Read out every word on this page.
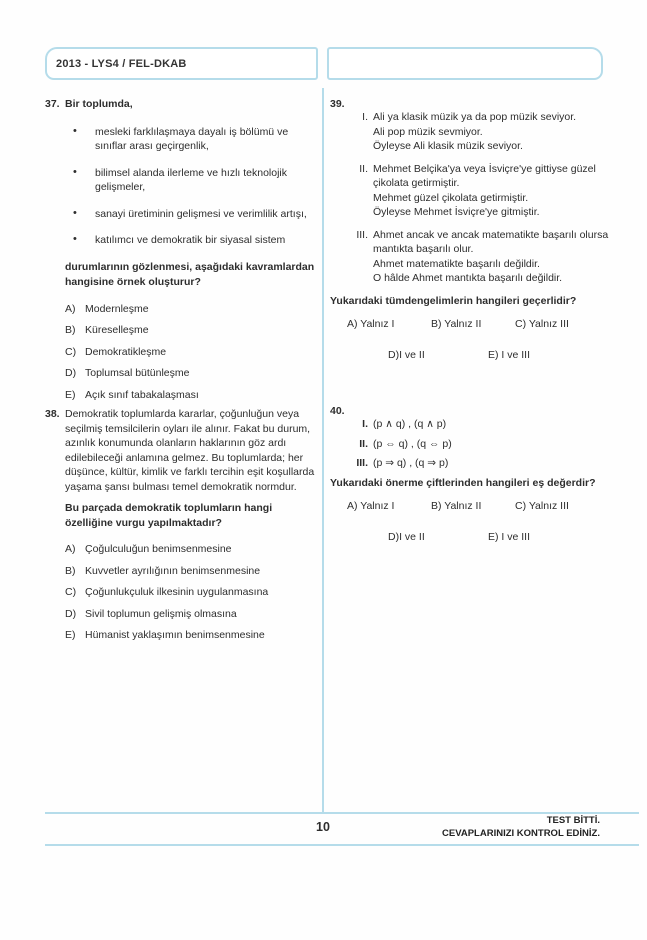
2013 - LYS4 / FEL-DKAB
37. Bir toplumda,
• mesleki farklılaşmaya dayalı iş bölümü ve sınıflar arası geçirgenlik,
• bilimsel alanda ilerleme ve hızlı teknolojik gelişmeler,
• sanayi üretiminin gelişmesi ve verimlilik artışı,
• katılımcı ve demokratik bir siyasal sistem
durumlarının gözlenmesi, aşağıdaki kavramlardan hangisine örnek oluşturur?
A) Modernleşme
B) Küreselleşme
C) Demokratikleşme
D) Toplumsal bütünleşme
E) Açık sınıf tabakalaşması
38. Demokratik toplumlarda kararlar, çoğunluğun veya seçilmiş temsilcilerin oyları ile alınır. Fakat bu durum, azınlık konumunda olanların haklarının göz ardı edilebileceği anlamına gelmez. Bu toplumlarda; her düşünce, kültür, kimlik ve farklı tercihin eşit koşullarda yaşama şansı bulması temel demokratik normdur.
Bu parçada demokratik toplumların hangi özelliğine vurgu yapılmaktadır?
A) Çoğulculuğun benimsenmesine
B) Kuvvetler ayrılığının benimsenmesine
C) Çoğunlukçuluk ilkesinin uygulanmasına
D) Sivil toplumun gelişmiş olmasına
E) Hümanist yaklaşımın benimsenmesine
39.
I. Ali ya klasik müzik ya da pop müzik seviyor.
Ali pop müzik sevmiyor.
Öyleyse Ali klasik müzik seviyor.
II. Mehmet Belçika'ya veya İsviçre'ye gittiyse güzel çikolata getirmiştir.
Mehmet güzel çikolata getirmiştir.
Öyleyse Mehmet İsviçre'ye gitmiştir.
III. Ahmet ancak ve ancak matematikte başarılı olursa mantıkta başarılı olur.
Ahmet matematikte başarılı değildir.
O hâlde Ahmet mantıkta başarılı değildir.
Yukarıdaki tümdengelimlerin hangileri geçerlidir?
A) Yalnız I	B) Yalnız II	C) Yalnız III
D)I ve II	E) I ve III
40.
I. (p ∧ q) , (q ∧ p)
II. (p ⇔ q) , (q ⇔ p)
III. (p ⇒ q) , (q ⇒ p)
Yukarıdaki önerme çiftlerinden hangileri eş değerdir?
A) Yalnız I	B) Yalnız II	C) Yalnız III
D)I ve II	E) I ve III
10	TEST BİTTİ.
CEVAPLARINIZI KONTROL EDİNİZ.
